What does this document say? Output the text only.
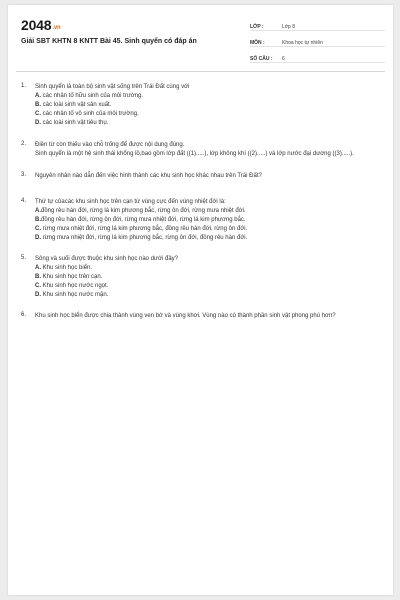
2048.vn
Giải SBT KHTN 8 KNTT Bài 45. Sinh quyển có đáp án
LỚP :	Lớp 8
MÔN :	Khoa học tự nhiên
SỐ CÂU :	6
1.	Sinh quyển là toàn bộ sinh vật sống trên Trái Đất cùng với
A. các nhân tố hữu sinh của môi trường.
B. các loài sinh vật sản xuất.
C. các nhân tố vô sinh của môi trường.
D. các loài sinh vật tiêu thụ.
2.	Điền từ còn thiếu vào chỗ trống để được nội dung đúng.
Sinh quyển là một hệ sinh thái khổng lồ,bao gồm lớp đất ((1).....), lớp không khí ((2).....) và lớp nước đại dương ((3).....).
3.	Nguyên nhân nào dẫn đến việc hình thành các khu sinh học khác nhau trên Trái Đất?
4.	Thứ tự củacác khu sinh học trên cạn từ vùng cực đến vùng nhiệt đới là:
A.đồng rêu hàn đới, rừng lá kim phương bắc, rừng ôn đới, rừng mưa nhiệt đới.
B.đồng rêu hàn đới, rừng ôn đới, rừng mưa nhiệt đới, rừng lá kim phương bắc.
C. rừng mưa nhiệt đới, rừng lá kim phương bắc, đồng rêu hàn đới, rừng ôn đới.
D. rừng mưa nhiệt đới, rừng lá kim phương bắc, rừng ôn đới, đồng rêu hàn đới.
5.	Sông và suối được thuộc khu sinh học nào dưới đây?
A. Khu sinh học biển.
B. Khu sinh học trên cạn.
C. Khu sinh học nước ngọt.
D. Khu sinh học nước mặn.
6.	Khu sinh học biển được chia thành vùng ven bờ và vùng khơi. Vùng nào có thành phần sinh vật phong phú hơn?
